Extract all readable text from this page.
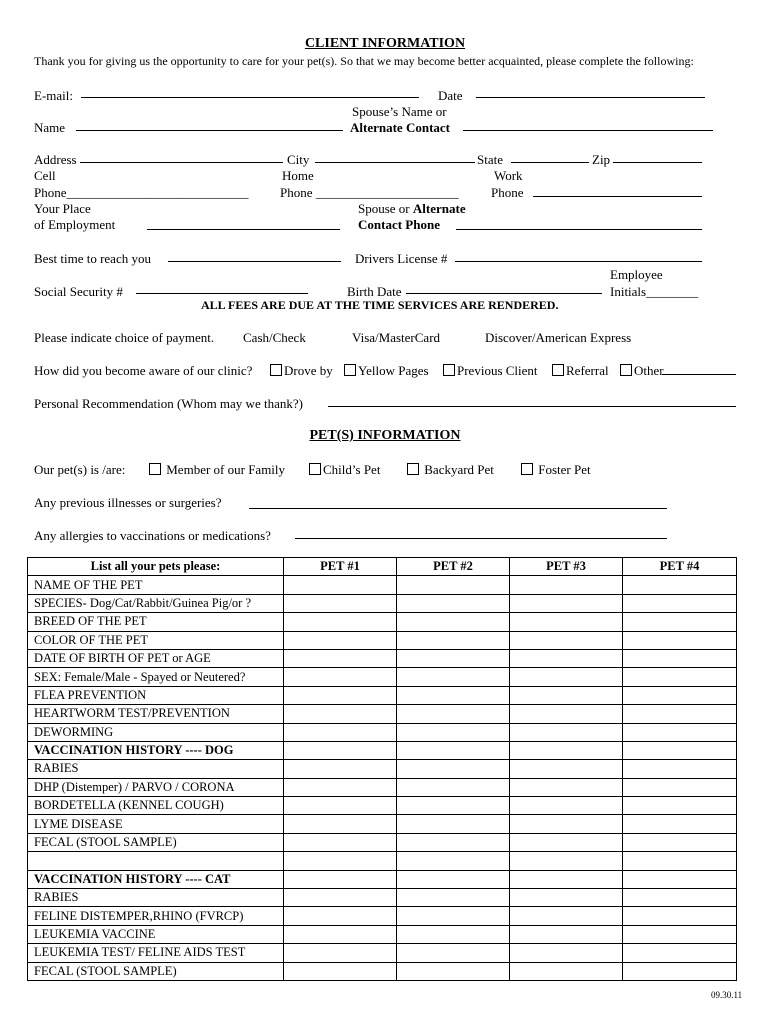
CLIENT INFORMATION
Thank you for giving us the opportunity to care for your pet(s). So that we may become better acquainted, please complete the following:
E-mail:	Date
Spouse’s Name or
Name	Alternate Contact
Address	City	State	Zip
Cell	Home	Work
Phone____________________________ Phone ______________________ Phone
Your Place	Spouse or Alternate
of Employment	Contact Phone
Best time to reach you	Drivers License #
Employee
Social Security #	Birth Date	Initials________
ALL FEES ARE DUE AT THE TIME SERVICES ARE RENDERED.
Please indicate choice of payment. Cash/Check	Visa/MasterCard	Discover/American Express
How did you become aware of our clinic?	Drove by	Yellow Pages	Previous Client	Referral	Other
Personal Recommendation (Whom may we thank?)
PET(S) INFORMATION
Our pet(s) is /are:	Member of our Family	Child’s Pet	Backyard Pet	Foster Pet
Any previous illnesses or surgeries?
Any allergies to vaccinations or medications?
List all your pets please:	PET #1	PET #2	PET #3	PET #4
NAME OF THE PET				
SPECIES- Dog/Cat/Rabbit/Guinea Pig/or ?				
BREED OF THE PET				
COLOR OF THE PET				
DATE OF BIRTH OF PET or AGE				
SEX: Female/Male - Spayed or Neutered?				
FLEA PREVENTION				
HEARTWORM TEST/PREVENTION				
DEWORMING				
VACCINATION HISTORY ---- DOG				
RABIES				
DHP (Distemper) / PARVO / CORONA				
BORDETELLA (KENNEL COUGH)				
LYME DISEASE				
FECAL (STOOL SAMPLE)				

VACCINATION HISTORY ---- CAT				
RABIES				
FELINE DISTEMPER,RHINO (FVRCP)				
LEUKEMIA VACCINE				
LEUKEMIA TEST/ FELINE AIDS TEST				
FECAL (STOOL SAMPLE)				
09.30.11
